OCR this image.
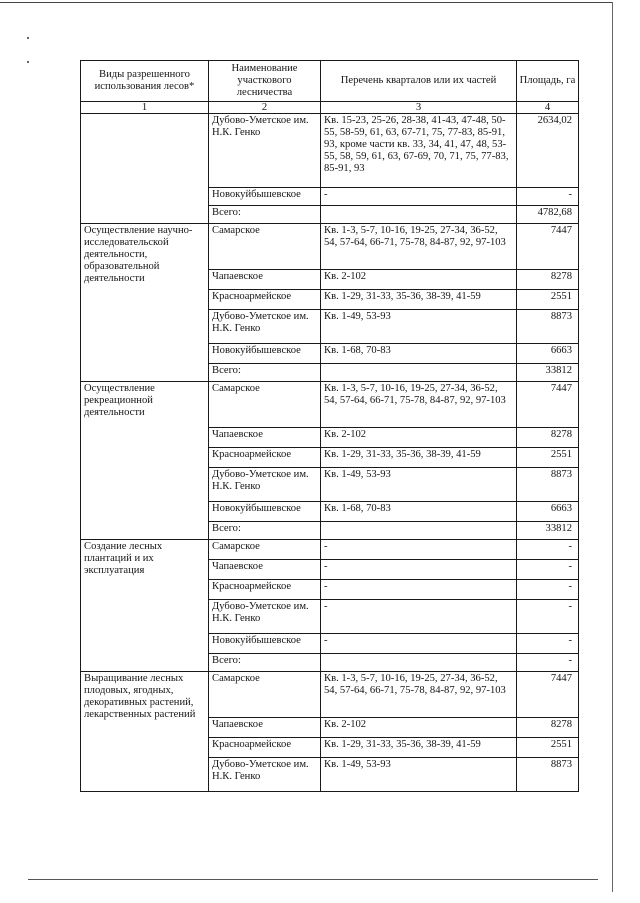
Виды разрешенного использования лесов*	Наименование участкового лесничества	Перечень кварталов или их частей	Площадь, га
1	2	3	4
	Дубово-Уметское им. Н.К. Генко	Кв. 15-23, 25-26, 28-38, 41-43, 47-48, 50-55, 58-59, 61, 63, 67-71, 75, 77-83, 85-91, 93, кроме части кв. 33, 34, 41, 47, 48, 53-55, 58, 59, 61, 63, 67-69, 70, 71, 75, 77-83, 85-91, 93	2634,02
	Новокуйбышевское	-	-
	Всего:		4782,68
Осуществление научно-исследовательской деятельности, образовательной деятельности	Самарское	Кв. 1-3, 5-7, 10-16, 19-25, 27-34, 36-52, 54, 57-64, 66-71, 75-78, 84-87, 92, 97-103	7447
	Чапаевское	Кв. 2-102	8278
	Красноармейское	Кв. 1-29, 31-33, 35-36, 38-39, 41-59	2551
	Дубово-Уметское им. Н.К. Генко	Кв. 1-49, 53-93	8873
	Новокуйбышевское	Кв. 1-68, 70-83	6663
	Всего:		33812
Осуществление рекреационной деятельности	Самарское	Кв. 1-3, 5-7, 10-16, 19-25, 27-34, 36-52, 54, 57-64, 66-71, 75-78, 84-87, 92, 97-103	7447
	Чапаевское	Кв. 2-102	8278
	Красноармейское	Кв. 1-29, 31-33, 35-36, 38-39, 41-59	2551
	Дубово-Уметское им. Н.К. Генко	Кв. 1-49, 53-93	8873
	Новокуйбышевское	Кв. 1-68, 70-83	6663
	Всего:		33812
Создание лесных плантаций и их эксплуатация	Самарское	-	-
	Чапаевское	-	-
	Красноармейское	-	-
	Дубово-Уметское им. Н.К. Генко	-	-
	Новокуйбышевское	-	-
	Всего:		-
Выращивание лесных плодовых, ягодных, декоративных растений, лекарственных растений	Самарское	Кв. 1-3, 5-7, 10-16, 19-25, 27-34, 36-52, 54, 57-64, 66-71, 75-78, 84-87, 92, 97-103	7447
	Чапаевское	Кв. 2-102	8278
	Красноармейское	Кв. 1-29, 31-33, 35-36, 38-39, 41-59	2551
	Дубово-Уметское им. Н.К. Генко	Кв. 1-49, 53-93	8873
